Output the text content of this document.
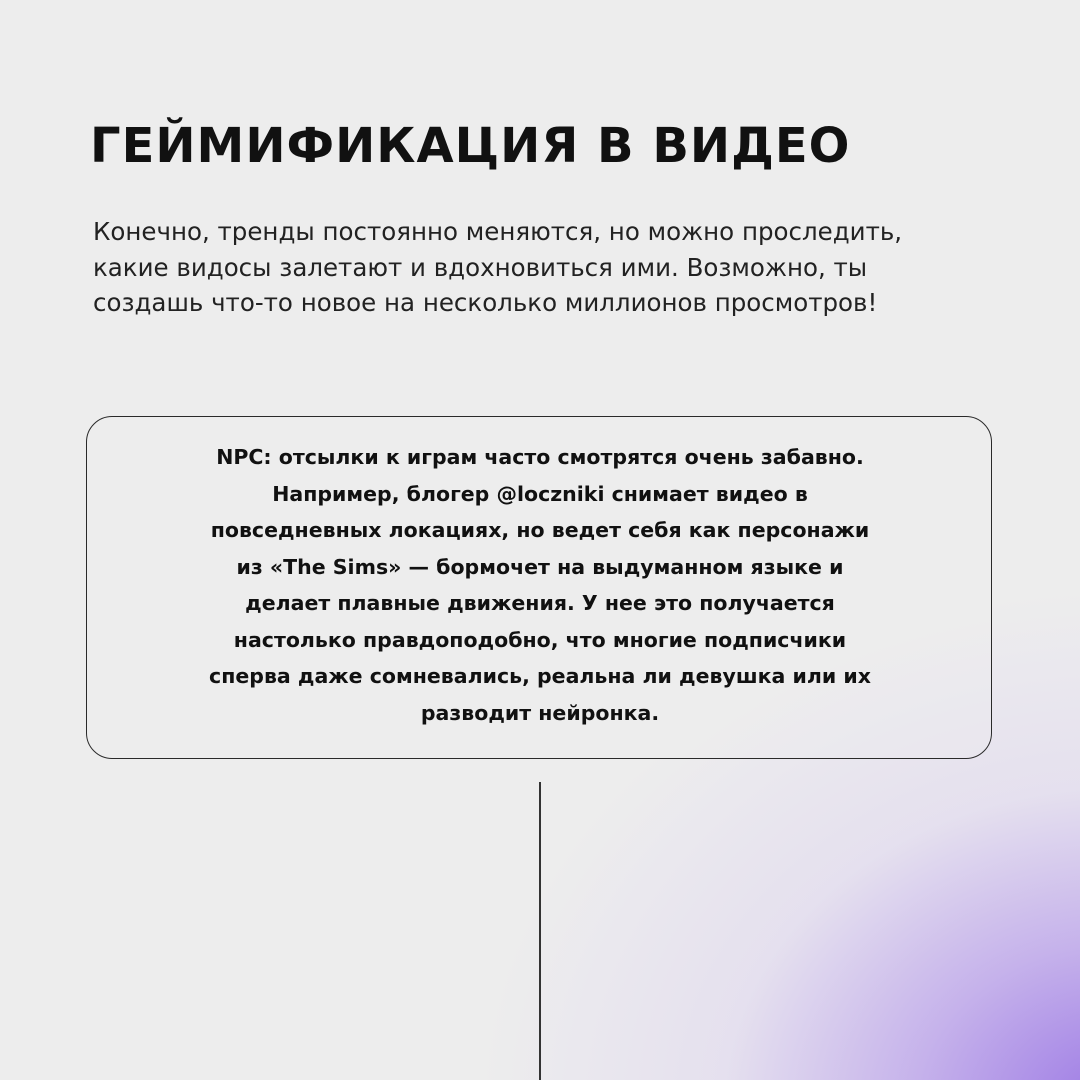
ГЕЙМИФИКАЦИЯ В ВИДЕО

Конечно, тренды постоянно меняются, но можно проследить,
какие видосы залетают и вдохновиться ими. Возможно, ты
создашь что-то новое на несколько миллионов просмотров!

NPC: отсылки к играм часто смотрятся очень забавно.
Например, блогер @loczniki снимает видео в
повседневных локациях, но ведет себя как персонажи
из «The Sims» — бормочет на выдуманном языке и
делает плавные движения. У нее это получается
настолько правдоподобно, что многие подписчики
сперва даже сомневались, реальна ли девушка или их
разводит нейронка.
